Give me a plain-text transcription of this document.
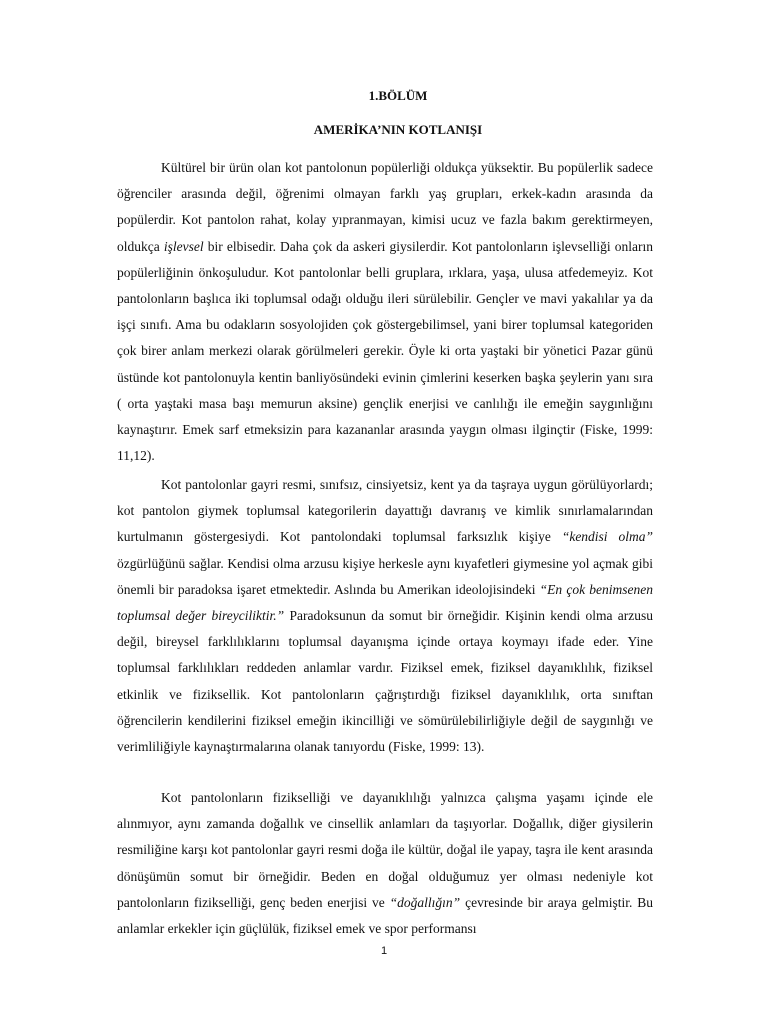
1.BÖLÜM
AMERİKA’NIN KOTLANIŞI

Kültürel bir ürün olan kot pantolonun popülerliği oldukça yüksektir. Bu popülerlik sadece öğrenciler arasında değil, öğrenimi olmayan farklı yaş grupları, erkek-kadın arasında da popülerdir. Kot pantolon rahat, kolay yıpranmayan, kimisi ucuz ve fazla bakım gerektirmeyen, oldukça işlevsel bir elbisedir. Daha çok da askeri giysilerdir. Kot pantolonların işlevselliği onların popülerliğinin önkoşuludur. Kot pantolonlar belli gruplara, ırklara, yaşa, ulusa atfedemeyiz. Kot pantolonların başlıca iki toplumsal odağı olduğu ileri sürülebilir. Gençler ve mavi yakalılar ya da işçi sınıfı. Ama bu odakların sosyolojiden çok göstergebilimsel, yani birer toplumsal kategoriden çok birer anlam merkezi olarak görülmeleri gerekir. Öyle ki orta yaştaki bir yönetici Pazar günü üstünde kot pantolonuyla kentin banliyösündeki evinin çimlerini keserken başka şeylerin yanı sıra ( orta yaştaki masa başı memurun aksine) gençlik enerjisi ve canlılığı ile emeğin saygınlığını kaynaştırır. Emek sarf etmeksizin para kazananlar arasında yaygın olması ilginçtir (Fiske, 1999: 11,12).

Kot pantolonlar gayri resmi, sınıfsız, cinsiyetsiz, kent ya da taşraya uygun görülüyorlardı; kot pantolon giymek toplumsal kategorilerin dayattığı davranış ve kimlik sınırlamalarından kurtulmanın göstergesiydi. Kot pantolondaki toplumsal farksızlık kişiye “kendisi olma” özgürlüğünü sağlar. Kendisi olma arzusu kişiye herkesle aynı kıyafetleri giymesine yol açmak gibi önemli bir paradoksa işaret etmektedir. Aslında bu Amerikan ideolojisindeki “En çok benimsenen toplumsal değer bireyciliktir.” Paradoksunun da somut bir örneğidir. Kişinin kendi olma arzusu değil, bireysel farklılıklarını toplumsal dayanışma içinde ortaya koymayı ifade eder. Yine toplumsal farklılıkları reddeden anlamlar vardır. Fiziksel emek, fiziksel dayanıklılık, fiziksel etkinlik ve fiziksellik. Kot pantolonların çağrıştırdığı fiziksel dayanıklılık, orta sınıftan öğrencilerin kendilerini fiziksel emeğin ikincilliği ve sömürülebilirliğiyle değil de saygınlığı ve verimliliğiyle kaynaştırmalarına olanak tanıyordu (Fiske, 1999: 13).

Kot pantolonların fizikselliği ve dayanıklılığı yalnızca çalışma yaşamı içinde ele alınmıyor, aynı zamanda doğallık ve cinsellik anlamları da taşıyorlar. Doğallık, diğer giysilerin resmiliğine karşı kot pantolonlar gayri resmi doğa ile kültür, doğal ile yapay, taşra ile kent arasında dönüşümün somut bir örneğidir. Beden en doğal olduğumuz yer olması nedeniyle kot pantolonların fizikselliği, genç beden enerjisi ve “doğallığın” çevresinde bir araya gelmiştir. Bu anlamlar erkekler için güçlülük, fiziksel emek ve spor performansı

1
